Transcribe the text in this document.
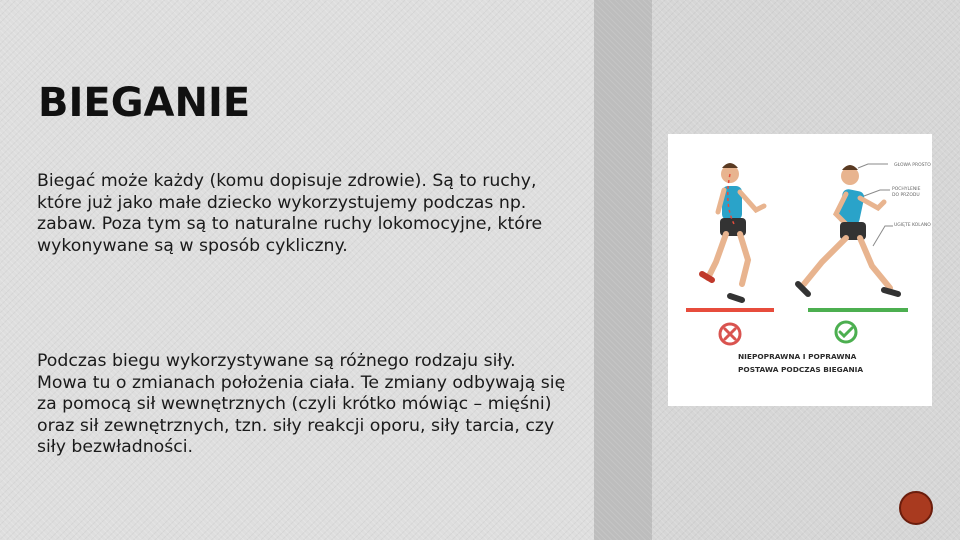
BIEGANIE
Biegać może każdy (komu dopisuje zdrowie). Są to ruchy, które już jako małe dziecko wykorzystujemy podczas np. zabaw. Poza tym są to naturalne ruchy lokomocyjne, które wykonywane są w sposób cykliczny.
Podczas biegu wykorzystywane są różnego rodzaju siły. Mowa tu o zmianach położenia ciała. Te zmiany odbywają się za pomocą sił wewnętrznych (czyli krótko mówiąc – mięśni) oraz sił zewnętrznych, tzn. siły reakcji oporu, siły tarcia, czy siły bezwładności.
GŁOWA PROSTO
POCHYLENIE
DO PRZODU
UGIĘTE KOLANO
NIEPOPRAWNA I POPRAWNA
POSTAWA PODCZAS BIEGANIA
